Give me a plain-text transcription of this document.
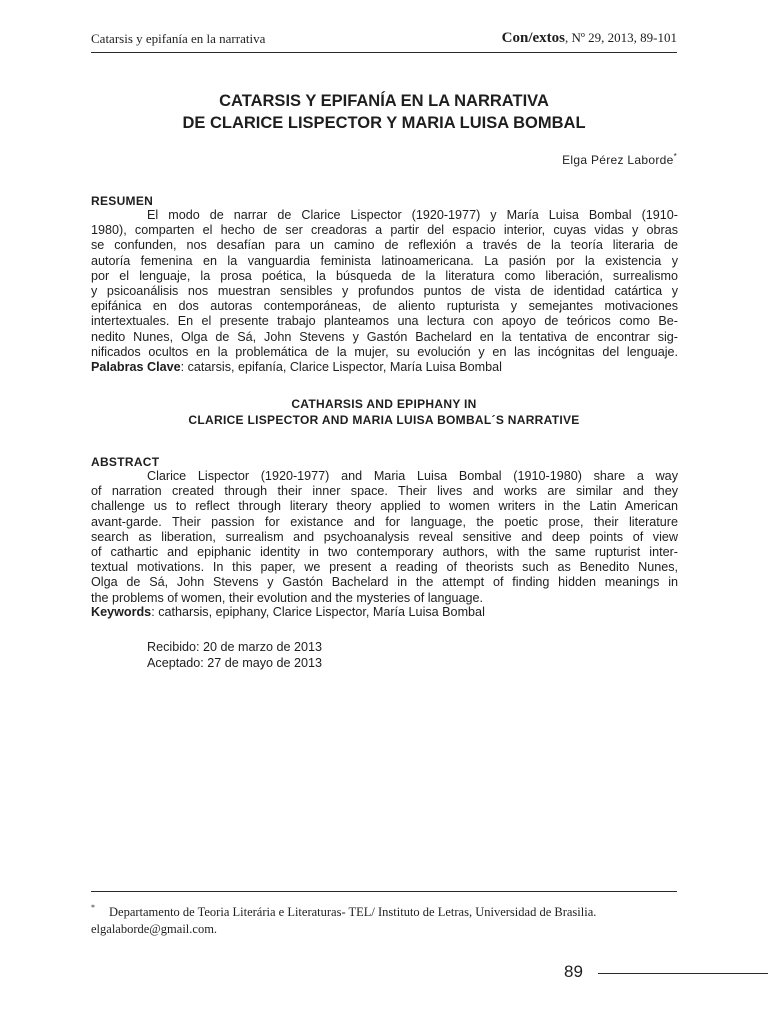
Catarsis y epifanía en la narrativa	Con/extos, Nº 29, 2013, 89-101
CATARSIS Y EPIFANÍA EN LA NARRATIVA
DE CLARICE LISPECTOR Y MARIA LUISA BOMBAL
Elga Pérez Laborde*
RESUMEN
El modo de narrar de Clarice Lispector (1920-1977) y María Luisa Bombal (1910-
1980), comparten el hecho de ser creadoras a partir del espacio interior, cuyas vidas y obras
se confunden, nos desafían para un camino de reflexión a través de la teoría literaria de
autoría femenina en la vanguardia feminista latinoamericana. La pasión por la existencia y
por el lenguaje, la prosa poética, la búsqueda de la literatura como liberación, surrealismo
y psicoanálisis nos muestran sensibles y profundos puntos de vista de identidad catártica y
epifánica en dos autoras contemporáneas, de aliento rupturista y semejantes motivaciones
intertextuales. En el presente trabajo planteamos una lectura con apoyo de teóricos como Be-
nedito Nunes, Olga de Sá, John Stevens y Gastón Bachelard en la tentativa de encontrar sig-
nificados ocultos en la problemática de la mujer, su evolución y en las incógnitas del lenguaje.
Palabras Clave: catarsis, epifanía, Clarice Lispector, María Luisa Bombal
CATHARSIS AND EPIPHANY IN
CLARICE LISPECTOR AND MARIA LUISA BOMBAL´S NARRATIVE
ABSTRACT
Clarice Lispector (1920-1977) and Maria Luisa Bombal (1910-1980) share a way
of narration created through their inner space. Their lives and works are similar and they
challenge us to reflect through literary theory applied to women writers in the Latin American
avant-garde. Their passion for existance and for language, the poetic prose, their literature
search as liberation, surrealism and psychoanalysis reveal sensitive and deep points of view
of cathartic and epiphanic identity in two contemporary authors, with the same rupturist inter-
textual motivations. In this paper, we present a reading of theorists such as Benedito Nunes,
Olga de Sá, John Stevens y Gastón Bachelard in the attempt of finding hidden meanings in
the problems of women, their evolution and the mysteries of language.
Keywords: catharsis, epiphany, Clarice Lispector, María Luisa Bombal
Recibido: 20 de marzo de 2013
Aceptado: 27 de mayo de 2013
* Departamento de Teoria Literária e Literaturas- TEL/ Instituto de Letras, Universidad de Brasilia.
elgalaborde@gmail.com.
89
